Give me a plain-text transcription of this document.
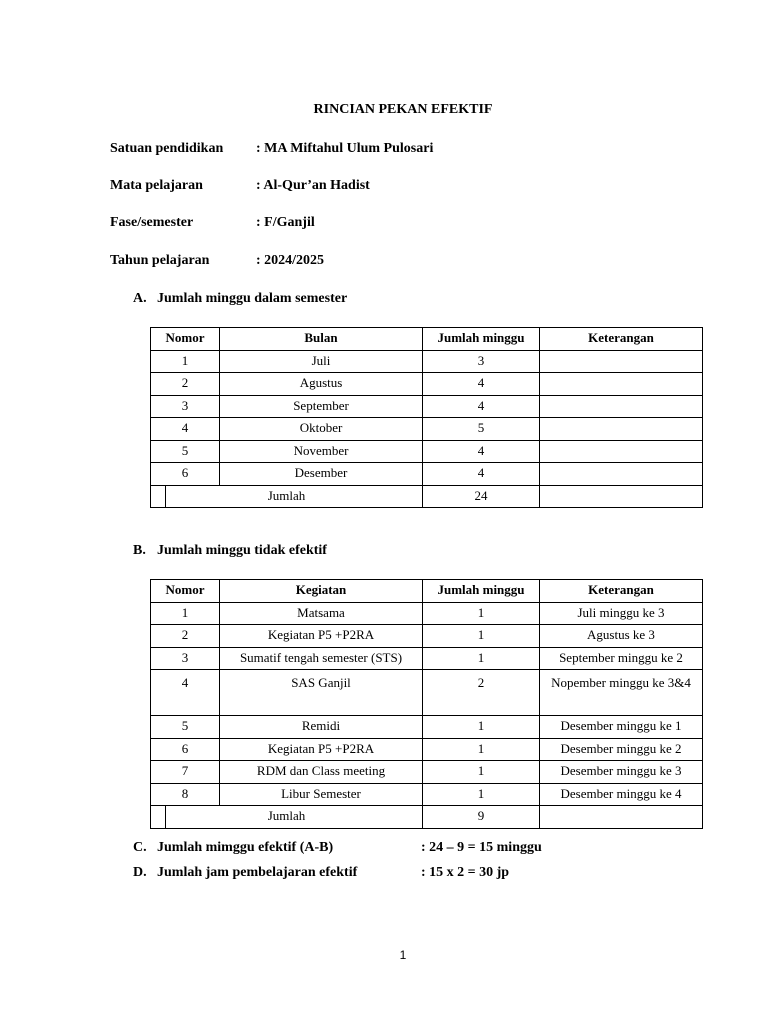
RINCIAN PEKAN EFEKTIF
Satuan pendidikan : MA Miftahul Ulum Pulosari
Mata pelajaran	: Al-Qur’an Hadist
Fase/semester	: F/Ganjil
Tahun pelajaran	: 2024/2025
A. Jumlah minggu dalam semester
Nomor	Bulan	Jumlah minggu	Keterangan
1	Juli	3	
2	Agustus	4	
3	September	4	
4	Oktober	5	
5	November	4	
6	Desember	4	

Jumlah		24	
B. Jumlah minggu tidak efektif
Nomor	Kegiatan	Jumlah minggu	Keterangan
1	Matsama	1	Juli minggu ke 3
2	Kegiatan P5 +P2RA	1	Agustus ke 3
3	Sumatif tengah semester (STS)	1	September minggu ke 2
4	SAS Ganjil	2	Nopember minggu ke 3&4
5	Remidi	1	Desember minggu ke 1
6	Kegiatan P5 +P2RA	1	Desember minggu ke 2
7	RDM dan Class meeting	1	Desember minggu ke 3
8	Libur Semester	1	Desember minggu ke 4

Jumlah		9	
C. Jumlah mimggu efektif (A-B)	: 24 – 9 = 15 minggu
D. Jumlah jam pembelajaran efektif	: 15 x 2 = 30 jp
1
